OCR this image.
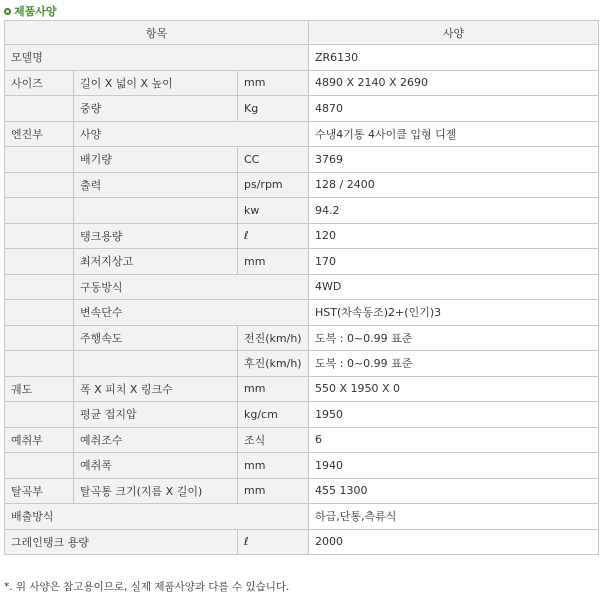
제품사양
항목			사양
모델명			ZR6130
사이즈	길이 X 넓이 X 높이	mm	4890 X 2140 X 2690
	중량	Kg	4870
엔진부	사양		수냉4기통 4사이클 입형 디젤
	배기량	CC	3769
	출력	ps/rpm	128 / 2400
		kw	94.2
	탱크용량	ℓ	120
	최저지상고	mm	170
	구동방식		4WD
	변속단수		HST(차속동조)2+(인기)3
	주행속도	전진(km/h)	도복 : 0~0.99 표준
		후진(km/h)	도복 : 0~0.99 표준
궤도	폭 X 피치 X 링크수	mm	550 X 1950 X 0
	평균 접지압	kg/cm	1950
예취부	예취조수	조식	6
	예취폭	mm	1940
탈곡부	탈곡통 크기(지름 X 길이)	mm	455 1300
배출방식			하급,단통,측류식
그레인탱크 용량		ℓ	2000
*. 위 사양은 참고용이므로, 실제 제품사양과 다를 수 있습니다.
